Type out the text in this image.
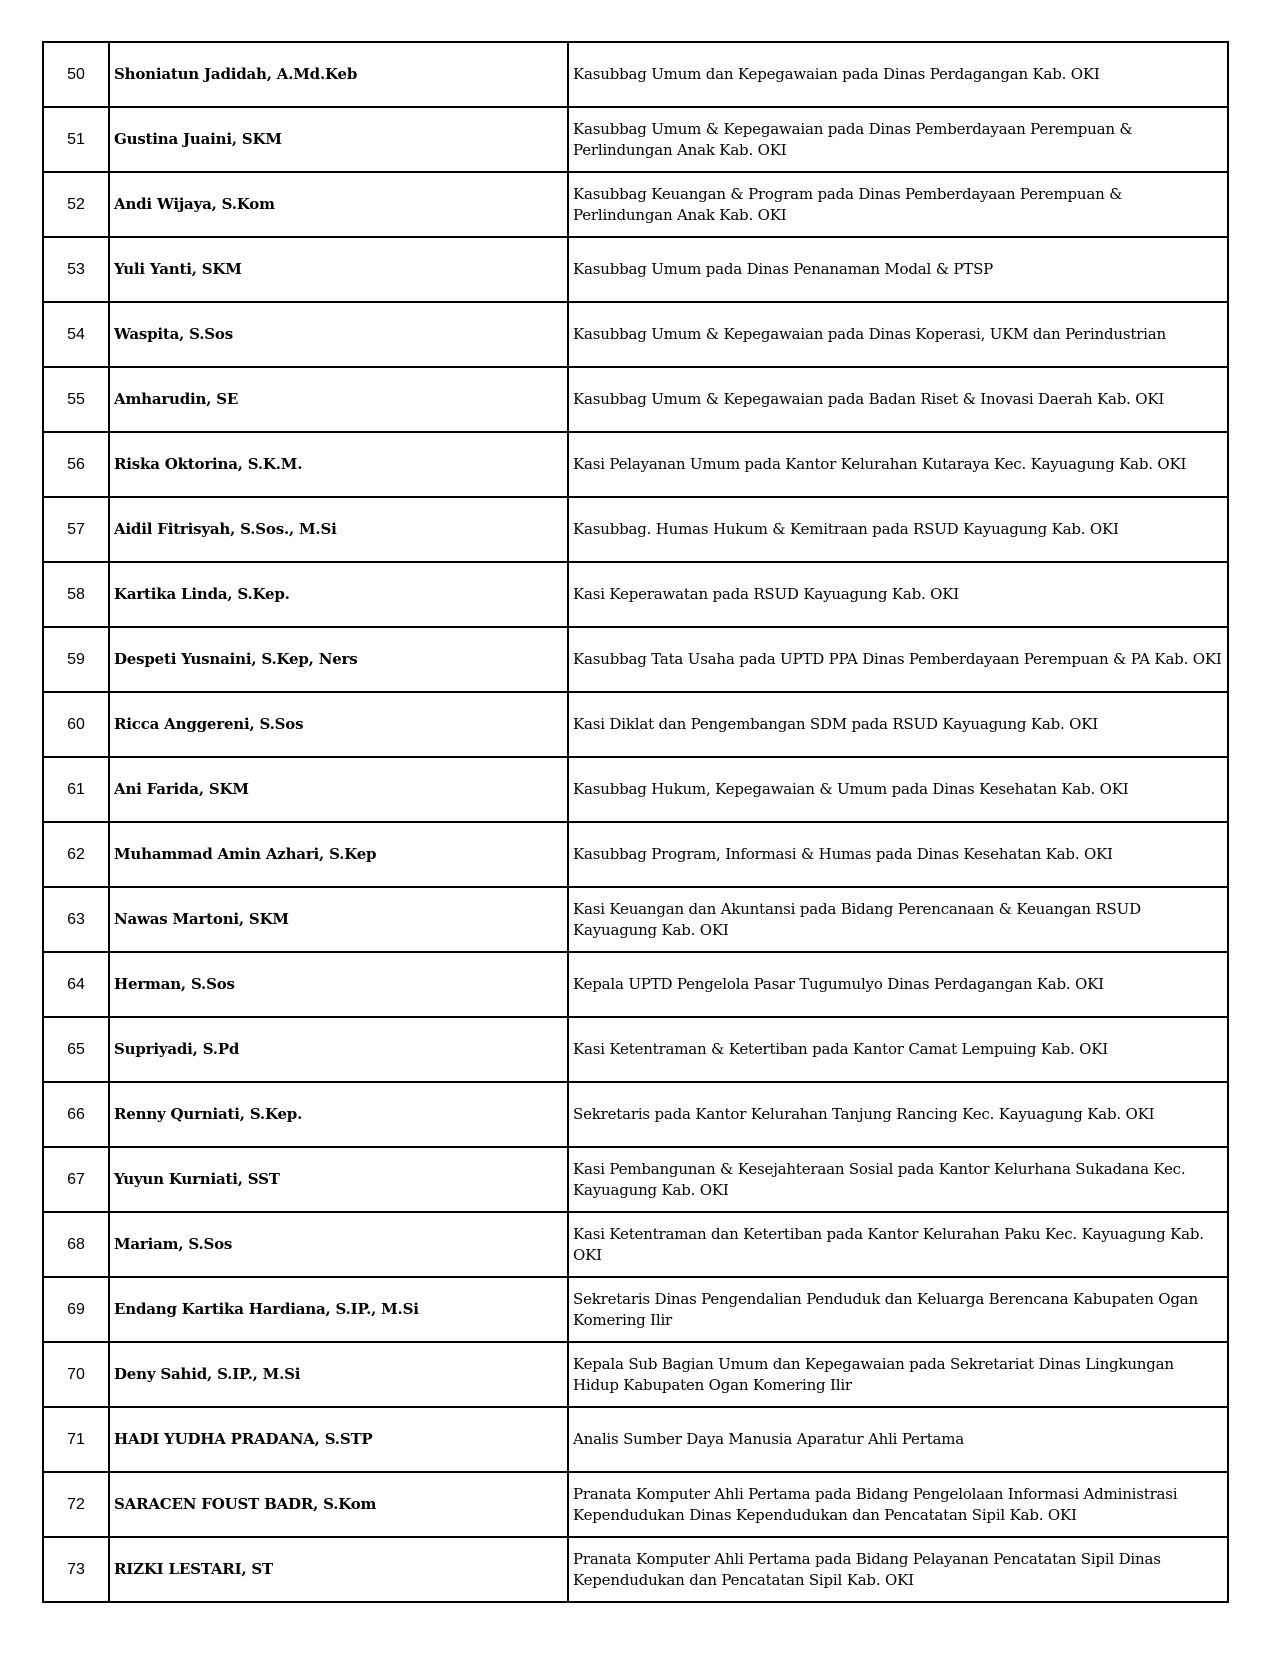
50	Shoniatun Jadidah, A.Md.Keb	Kasubbag Umum dan Kepegawaian pada Dinas Perdagangan Kab. OKI
51	Gustina Juaini, SKM	Kasubbag Umum & Kepegawaian pada Dinas Pemberdayaan Perempuan & Perlindungan Anak Kab. OKI
52	Andi Wijaya, S.Kom	Kasubbag Keuangan & Program pada Dinas Pemberdayaan Perempuan & Perlindungan Anak Kab. OKI
53	Yuli Yanti, SKM	Kasubbag Umum pada Dinas Penanaman Modal & PTSP
54	Waspita, S.Sos	Kasubbag Umum & Kepegawaian pada Dinas Koperasi, UKM dan Perindustrian
55	Amharudin, SE	Kasubbag Umum & Kepegawaian pada Badan Riset & Inovasi Daerah Kab. OKI
56	Riska Oktorina, S.K.M.	Kasi Pelayanan Umum pada Kantor Kelurahan Kutaraya Kec. Kayuagung Kab. OKI
57	Aidil Fitrisyah, S.Sos., M.Si	Kasubbag. Humas Hukum & Kemitraan pada RSUD Kayuagung Kab. OKI
58	Kartika Linda, S.Kep.	Kasi Keperawatan pada RSUD Kayuagung Kab. OKI
59	Despeti Yusnaini, S.Kep, Ners	Kasubbag Tata Usaha pada UPTD PPA Dinas Pemberdayaan Perempuan & PA Kab. OKI
60	Ricca Anggereni, S.Sos	Kasi Diklat dan Pengembangan SDM pada RSUD Kayuagung Kab. OKI
61	Ani Farida, SKM	Kasubbag Hukum, Kepegawaian & Umum pada Dinas Kesehatan Kab. OKI
62	Muhammad Amin Azhari, S.Kep	Kasubbag Program, Informasi & Humas pada Dinas Kesehatan Kab. OKI
63	Nawas Martoni, SKM	Kasi Keuangan dan Akuntansi pada Bidang Perencanaan & Keuangan RSUD Kayuagung Kab. OKI
64	Herman, S.Sos	Kepala UPTD Pengelola Pasar Tugumulyo Dinas Perdagangan Kab. OKI
65	Supriyadi, S.Pd	Kasi Ketentraman & Ketertiban pada Kantor Camat Lempuing Kab. OKI
66	Renny Qurniati, S.Kep.	Sekretaris pada Kantor Kelurahan Tanjung Rancing Kec. Kayuagung Kab. OKI
67	Yuyun Kurniati, SST	Kasi Pembangunan & Kesejahteraan Sosial pada Kantor Kelurhana Sukadana Kec. Kayuagung Kab. OKI
68	Mariam, S.Sos	Kasi Ketentraman dan Ketertiban pada Kantor Kelurahan Paku Kec. Kayuagung Kab. OKI
69	Endang Kartika Hardiana, S.IP., M.Si	Sekretaris Dinas Pengendalian Penduduk dan Keluarga Berencana Kabupaten Ogan Komering Ilir
70	Deny Sahid, S.IP., M.Si	Kepala Sub Bagian Umum dan Kepegawaian pada Sekretariat Dinas Lingkungan Hidup Kabupaten Ogan Komering Ilir
71	HADI YUDHA PRADANA, S.STP	Analis Sumber Daya Manusia Aparatur Ahli Pertama
72	SARACEN FOUST BADR, S.Kom	Pranata Komputer Ahli Pertama pada Bidang Pengelolaan Informasi Administrasi Kependudukan Dinas Kependudukan dan Pencatatan Sipil Kab. OKI
73	RIZKI LESTARI, ST	Pranata Komputer Ahli Pertama pada Bidang Pelayanan Pencatatan Sipil Dinas Kependudukan dan Pencatatan Sipil Kab. OKI
